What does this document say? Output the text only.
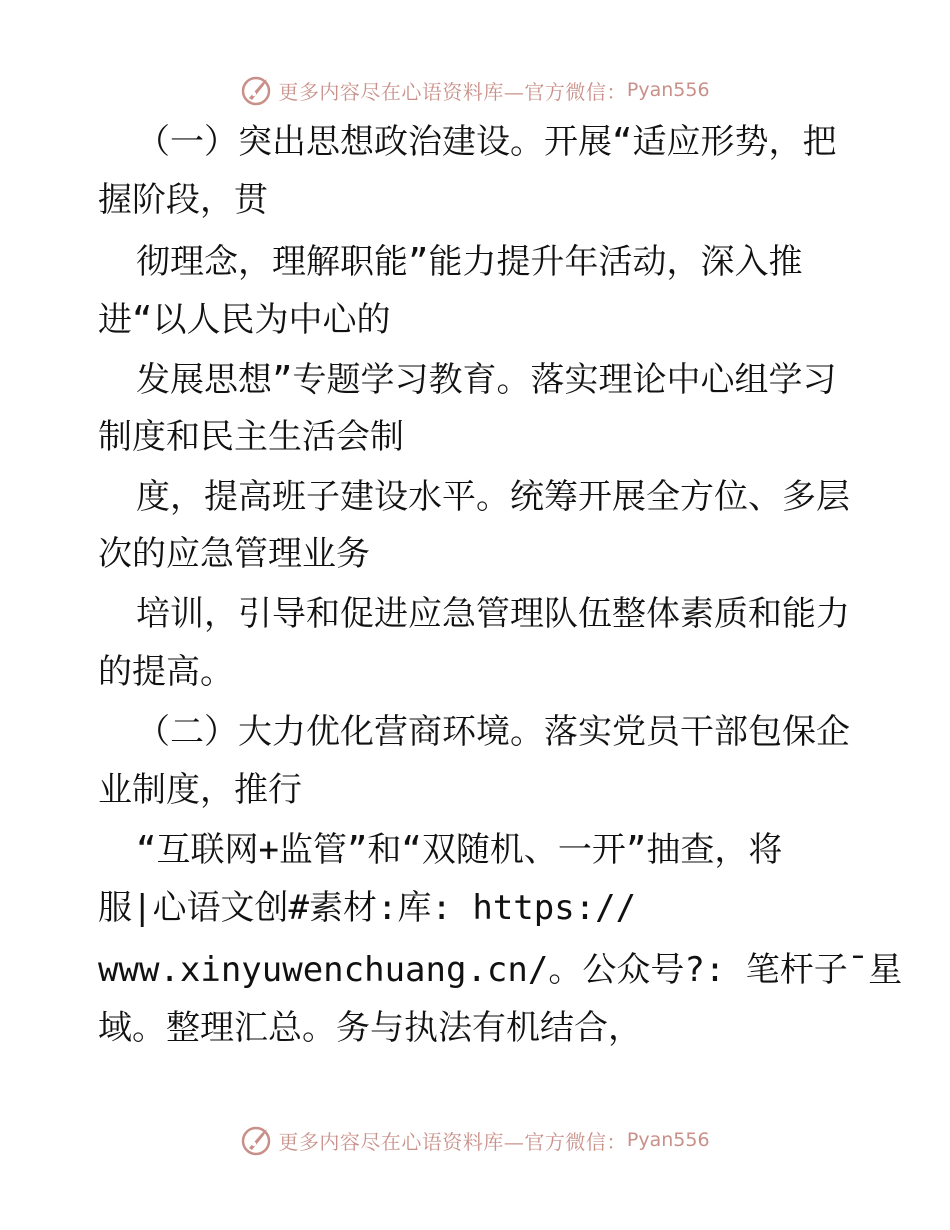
更多内容尽在心语资料库— 官方微信： Pyan556
（一）突出思想政治建设。开展“适应形势，把
握阶段，贯
彻理念，理解职能”能力提升年活动，深入推
进“以人民为中心的
发展思想”专题学习教育。落实理论中心组学习
制度和民主生活会制
度，提高班子建设水平。统筹开展全方位、多层
次的应急管理业务
培训，引导和促进应急管理队伍整体素质和能力
的提高。
（二）大力优化营商环境。落实党员干部包保企
业制度，推行
“互联网+监管”和“双随机、一开”抽查，将
服|心语文创#素材:库: https://
www.xinyuwenchuang.cn/。公众号?: 笔杆子¯星
域。整理汇总。务与执法有机结合，
更多内容尽在心语资料库— 官方微信： Pyan556
